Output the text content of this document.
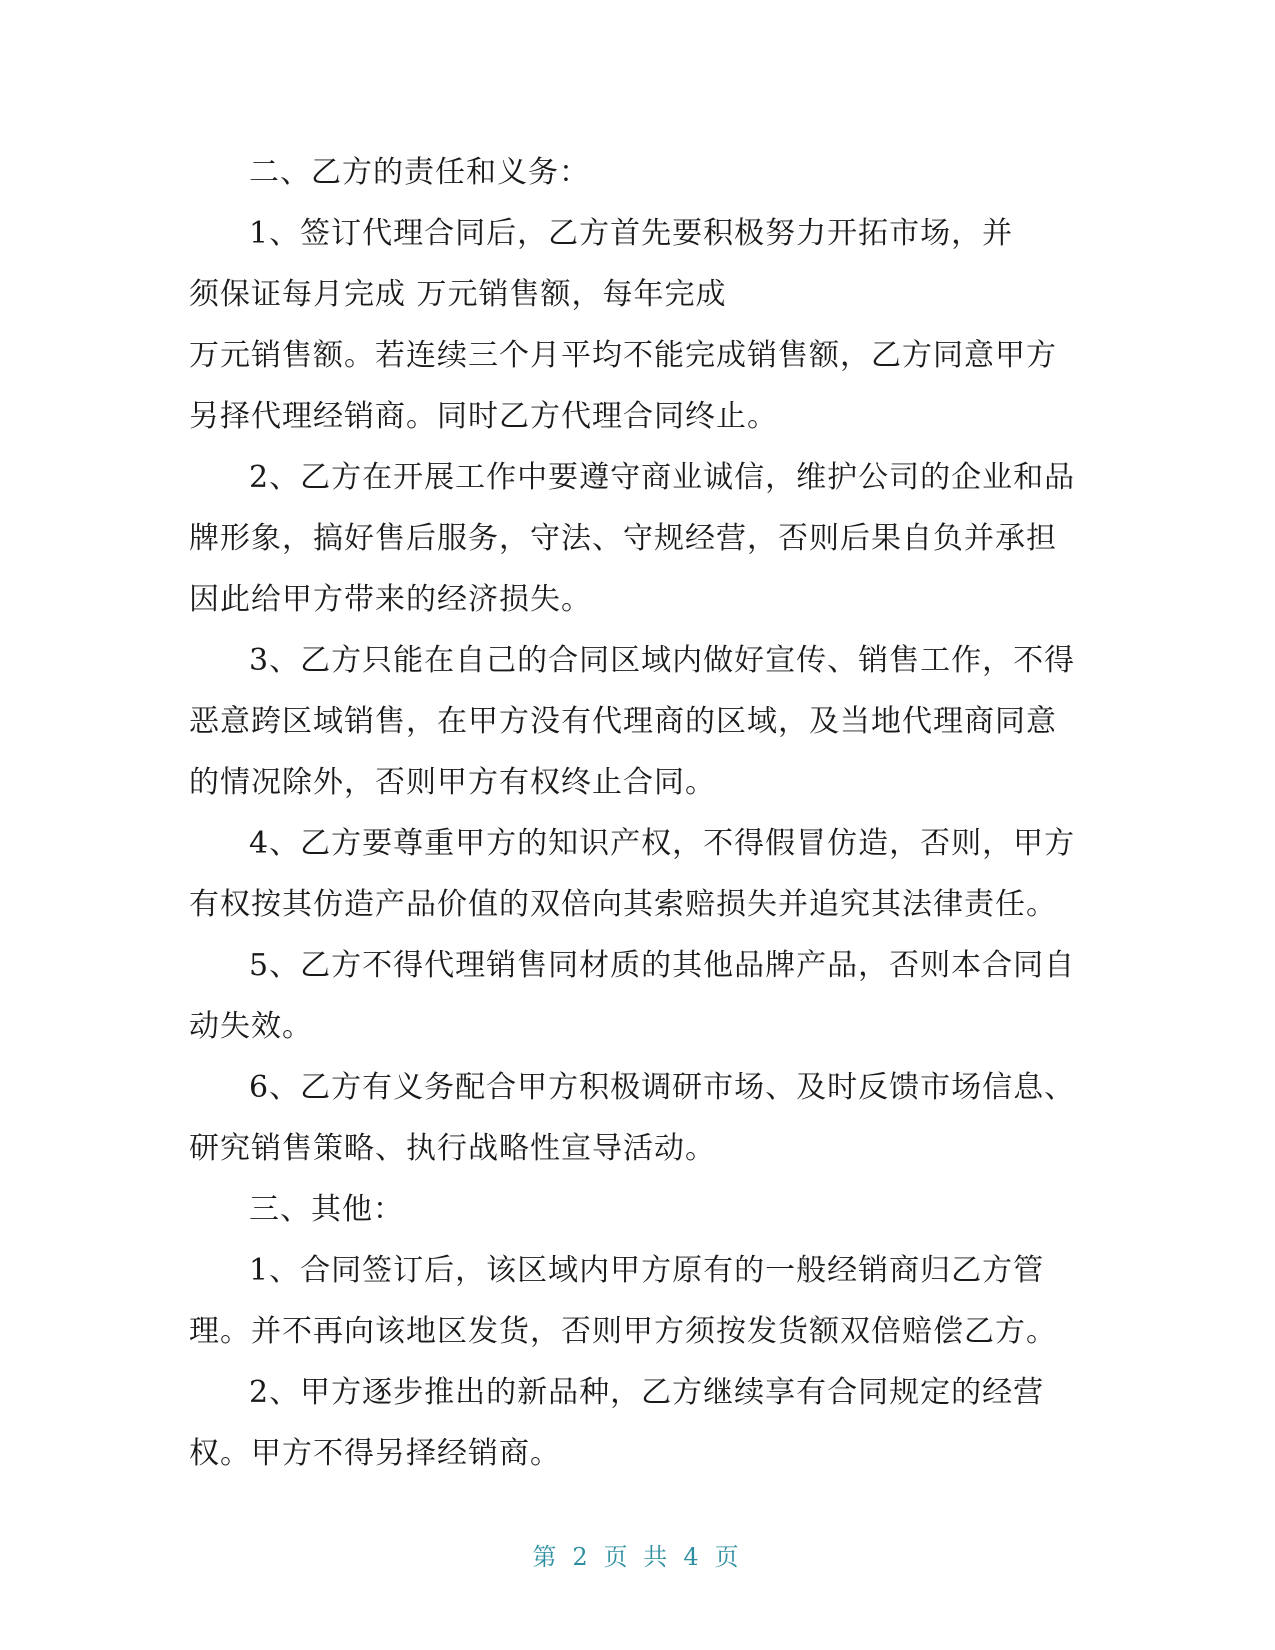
二、乙方的责任和义务：

1、签订代理合同后，乙方首先要积极努力开拓市场，并须保证每月完成 万元销售额，每年完成

万元销售额。若连续三个月平均不能完成销售额，乙方同意甲方另择代理经销商。同时乙方代理合同终止。

2、乙方在开展工作中要遵守商业诚信，维护公司的企业和品牌形象，搞好售后服务，守法、守规经营，否则后果自负并承担因此给甲方带来的经济损失。

3、乙方只能在自己的合同区域内做好宣传、销售工作，不得恶意跨区域销售，在甲方没有代理商的区域，及当地代理商同意的情况除外，否则甲方有权终止合同。

4、乙方要尊重甲方的知识产权，不得假冒仿造，否则，甲方有权按其仿造产品价值的双倍向其索赔损失并追究其法律责任。

5、乙方不得代理销售同材质的其他品牌产品，否则本合同自动失效。

6、乙方有义务配合甲方积极调研市场、及时反馈市场信息、研究销售策略、执行战略性宣导活动。

三、其他：

1、合同签订后，该区域内甲方原有的一般经销商归乙方管理。并不再向该地区发货，否则甲方须按发货额双倍赔偿乙方。

2、甲方逐步推出的新品种，乙方继续享有合同规定的经营权。甲方不得另择经销商。

第 2 页 共 4 页
